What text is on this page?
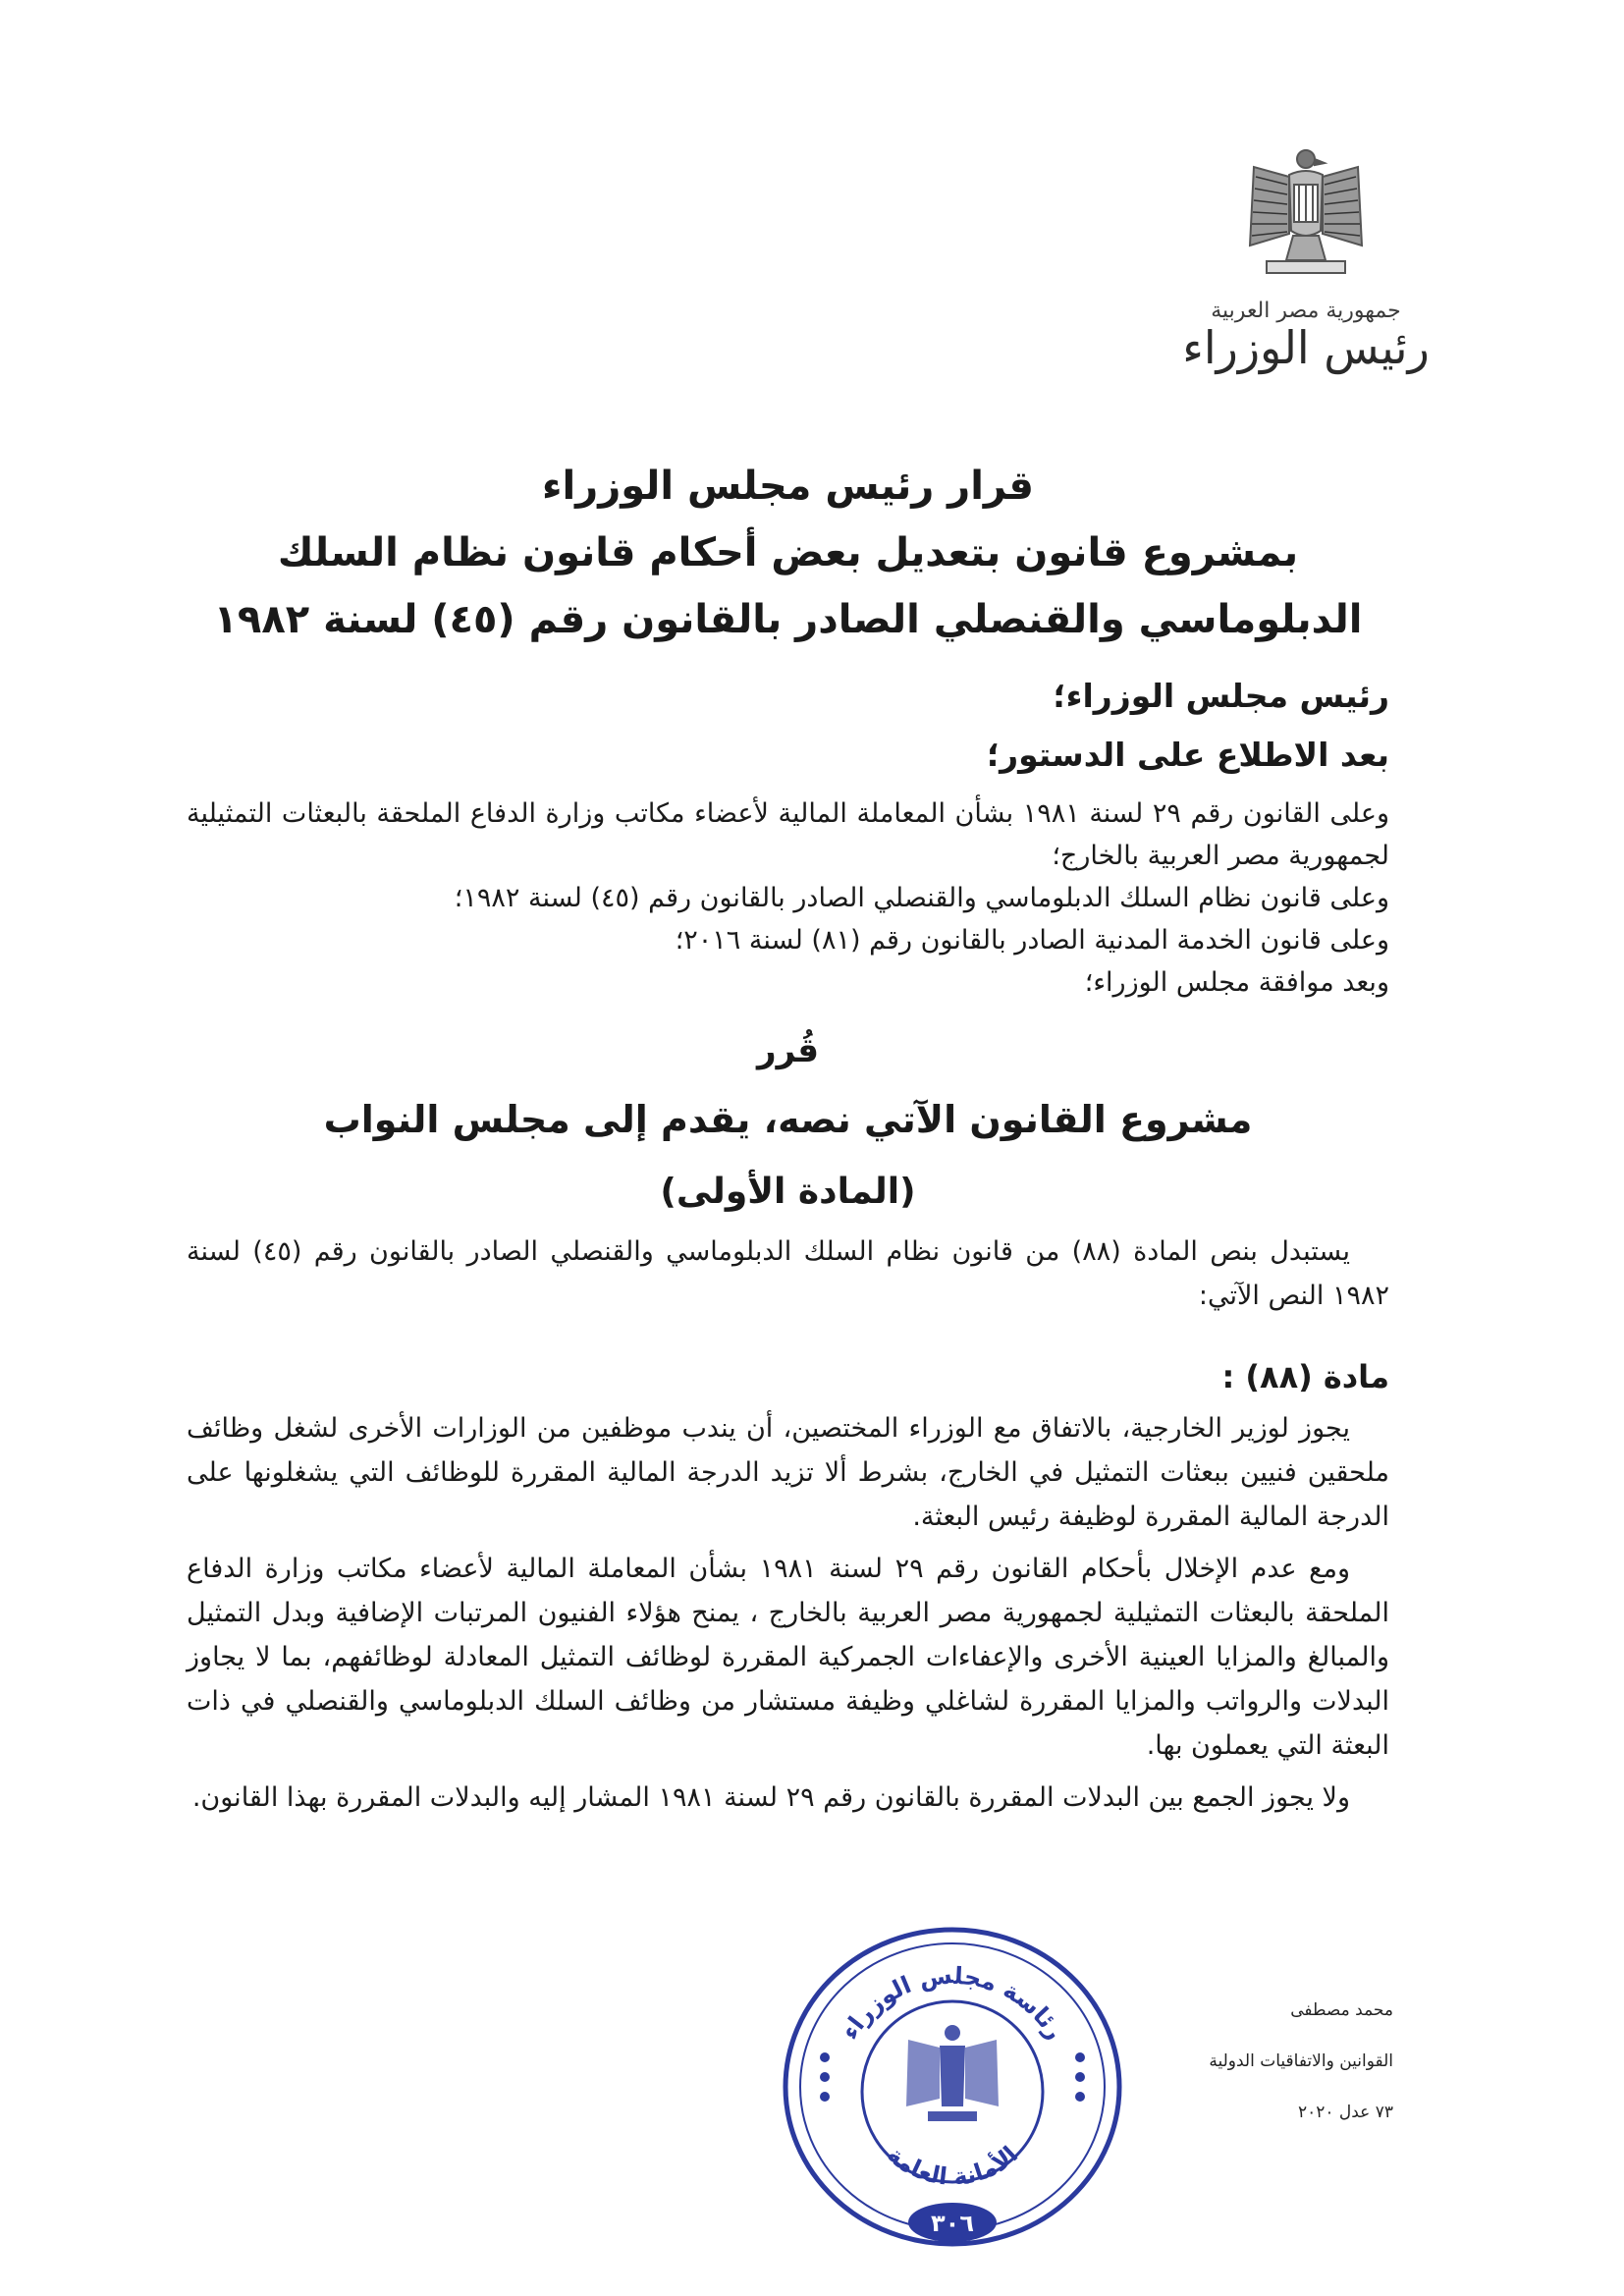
جمهورية مصر العربية
رئيس الوزراء
قرار رئيس مجلس الوزراء
بمشروع قانون بتعديل بعض أحكام قانون نظام السلك
الدبلوماسي والقنصلي الصادر بالقانون رقم (٤٥) لسنة ١٩٨٢
رئيس مجلس الوزراء؛
بعد الاطلاع على الدستور؛

وعلى القانون رقم ٢٩ لسنة ١٩٨١ بشأن المعاملة المالية لأعضاء مكاتب وزارة الدفاع الملحقة بالبعثات التمثيلية لجمهورية مصر العربية بالخارج؛

وعلى قانون نظام السلك الدبلوماسي والقنصلي الصادر بالقانون رقم (٤٥) لسنة ١٩٨٢؛

وعلى قانون الخدمة المدنية الصادر بالقانون رقم (٨١) لسنة ٢٠١٦؛

وبعد موافقة مجلس الوزراء؛

قُرر
مشروع القانون الآتي نصه، يقدم إلى مجلس النواب
(المادة الأولى)

يستبدل بنص المادة (٨٨) من قانون نظام السلك الدبلوماسي والقنصلي الصادر بالقانون رقم (٤٥) لسنة ١٩٨٢ النص الآتي:

مادة (٨٨) :

يجوز لوزير الخارجية، بالاتفاق مع الوزراء المختصين، أن يندب موظفين من الوزارات الأخرى لشغل وظائف ملحقين فنيين ببعثات التمثيل في الخارج، بشرط ألا تزيد الدرجة المالية المقررة للوظائف التي يشغلونها على الدرجة المالية المقررة لوظيفة رئيس البعثة.

ومع عدم الإخلال بأحكام القانون رقم ٢٩ لسنة ١٩٨١ بشأن المعاملة المالية لأعضاء مكاتب وزارة الدفاع الملحقة بالبعثات التمثيلية لجمهورية مصر العربية بالخارج ، يمنح هؤلاء الفنيون المرتبات الإضافية وبدل التمثيل والمبالغ والمزايا العينية الأخرى والإعفاءات الجمركية المقررة لوظائف التمثيل المعادلة لوظائفهم، بما لا يجاوز البدلات والرواتب والمزايا المقررة لشاغلي وظيفة مستشار من وظائف السلك الدبلوماسي والقنصلي في ذات البعثة التي يعملون بها.

ولا يجوز الجمع بين البدلات المقررة بالقانون رقم ٢٩ لسنة ١٩٨١ المشار إليه والبدلات المقررة بهذا القانون.

رئاسة مجلس الوزراء
الأمانة العامة
٣٠٦
محمد مصطفى
القوانين والاتفاقيات الدولية
٧٣ عدل ٢٠٢٠
